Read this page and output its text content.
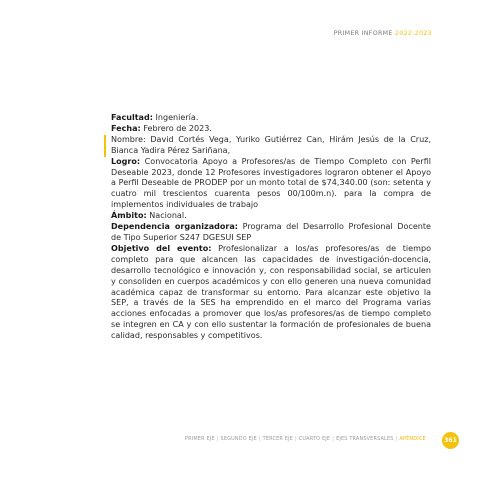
PRIMER INFORME 2022-2023

Facultad: Ingeniería.

Fecha: Febrero de 2023.

Nombre: David Cortés Vega, Yuriko Gutiérrez Can, Hirám Jesús de la Cruz, Bianca Yadira Pérez Sariñana,

Logro: Convocatoria Apoyo a Profesores/as de Tiempo Completo con Perfil Deseable 2023, donde 12 Profesores investigadores lograron obtener el Apoyo a Perfil Deseable de PRODEP por un monto total de $74,340.00 (son: setenta y cuatro mil trescientos cuarenta pesos 00/100m.n). para la compra de implementos individuales de trabajo

Ámbito: Nacional.

Dependencia organizadora: Programa del Desarrollo Profesional Docente de Tipo Superior S247 DGESUI SEP

Objetivo del evento: Profesionalizar a los/as profesores/as de tiempo completo para que alcancen las capacidades de investigación-docencia, desarrollo tecnológico e innovación y, con responsabilidad social, se articulen y consoliden en cuerpos académicos y con ello generen una nueva comunidad académica capaz de transformar su entorno. Para alcanzar este objetivo la SEP, a través de la SES ha emprendido en el marco del Programa varias acciones enfocadas a promover que los/as profesores/as de tiempo completo se integren en CA y con ello sustentar la formación de profesionales de buena calidad, responsables y competitivos.

PRIMER EJE | SEGUNDO EJE | TERCER EJE | CUARTO EJE | EJES TRANSVERSALES | APÉNDICE	361
